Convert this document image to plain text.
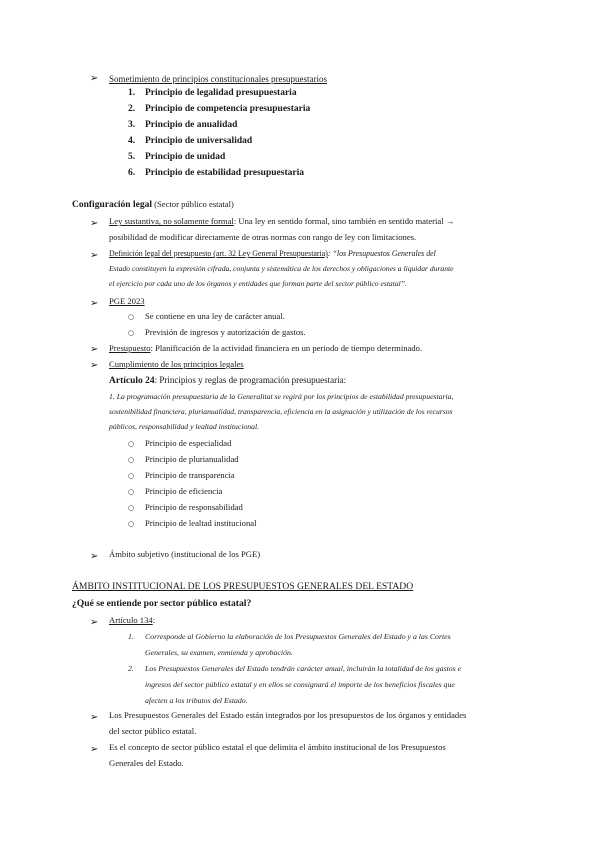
➢ Sometimiento de principios constitucionales presupuestarios
1. Principio de legalidad presupuestaria
2. Principio de competencia presupuestaria
3. Principio de anualidad
4. Principio de universalidad
5. Principio de unidad
6. Principio de estabilidad presupuestaria
Configuración legal (Sector público estatal)
➢ Ley sustantiva, no solamente formal: Una ley en sentido formal, sino también en sentido material →
posibilidad de modificar directamente de otras normas con rango de ley con limitaciones.
➢ Definición legal del presupuesto (art. 32 Ley General Presupuestaria): “los Presupuestos Generales del
Estado constituyen la expresión cifrada, conjunta y sistemática de los derechos y obligaciones a liquidar durante
el ejercicio por cada uno de los órganos y entidades que forman parte del sector público estatal”.
➢ PGE 2023
○ Se contiene en una ley de carácter anual.
○ Previsión de ingresos y autorización de gastos.
➢ Presupuesto: Planificación de la actividad financiera en un periodo de tiempo determinado.
➢ Cumplimiento de los principios legales
Artículo 24: Principios y reglas de programación presupuestaria:
1. La programación presupuestaria de la Generalitat se regirá por los principios de estabilidad presupuestaria,
sostenibilidad financiera, plurianualidad, transparencia, eficiencia en la asignación y utilización de los recursos
públicos, responsabilidad y lealtad institucional.
○ Principio de especialidad
○ Principio de plurianualidad
○ Principio de transparencia
○ Principio de eficiencia
○ Principio de responsabilidad
○ Principio de lealtad institucional
➢ Ámbito subjetivo (institucional de los PGE)
ÁMBITO INSTITUCIONAL DE LOS PRESUPUESTOS GENERALES DEL ESTADO
¿Qué se entiende por sector público estatal?
➢ Artículo 134:
1. Corresponde al Gobierno la elaboración de los Presupuestos Generales del Estado y a las Cortes
Generales, su examen, enmienda y aprobación.
2. Los Presupuestos Generales del Estado tendrán carácter anual, incluirán la totalidad de los gastos e
ingresos del sector público estatal y en ellos se consignará el importe de los beneficios fiscales que
afecten a los tributos del Estado.
➢ Los Presupuestos Generales del Estado están integrados por los presupuestos de los órganos y entidades
del sector público estatal.
➢ Es el concepto de sector público estatal el que delimita el ámbito institucional de los Presupuestos
Generales del Estado.
